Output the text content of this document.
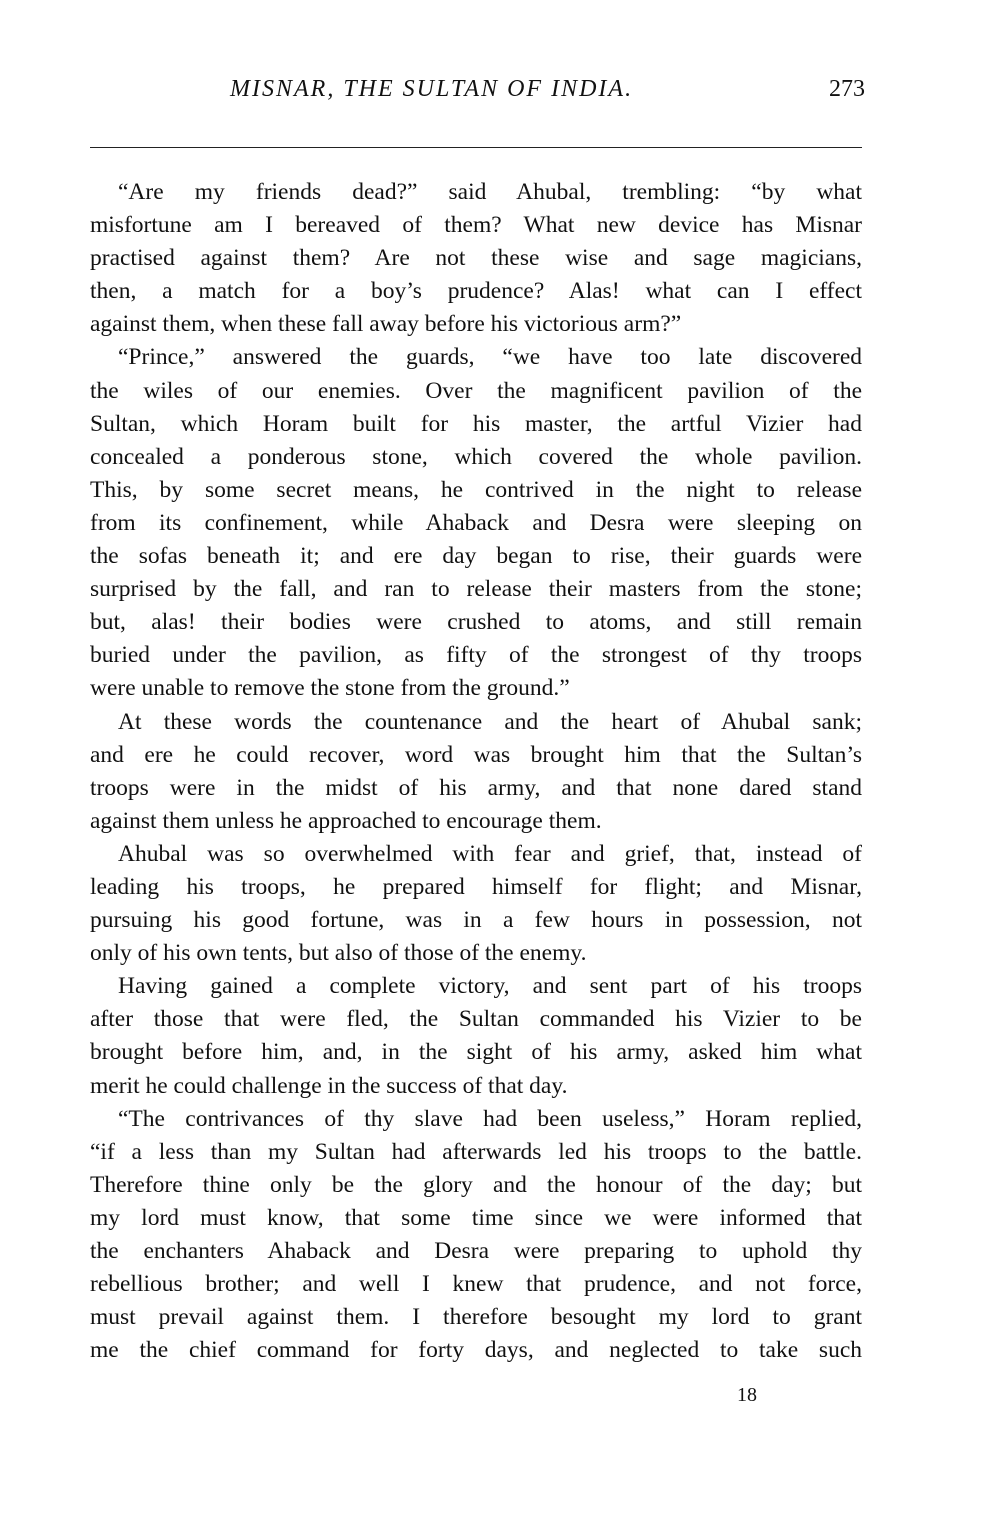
MISNAR, THE SULTAN OF INDIA.	273
“Are my friends dead?” said Ahubal, trembling: “by what
misfortune am I bereaved of them? What new device has Misnar
practised against them? Are not these wise and sage magicians,
then, a match for a boy’s prudence? Alas! what can I effect
against them, when these fall away before his victorious arm?”
“Prince,” answered the guards, “we have too late discovered
the wiles of our enemies. Over the magnificent pavilion of the
Sultan, which Horam built for his master, the artful Vizier had
concealed a ponderous stone, which covered the whole pavilion.
This, by some secret means, he contrived in the night to release
from its confinement, while Ahaback and Desra were sleeping on
the sofas beneath it; and ere day began to rise, their guards were
surprised by the fall, and ran to release their masters from the stone;
but, alas! their bodies were crushed to atoms, and still remain
buried under the pavilion, as fifty of the strongest of thy troops
were unable to remove the stone from the ground.”
At these words the countenance and the heart of Ahubal sank;
and ere he could recover, word was brought him that the Sultan’s
troops were in the midst of his army, and that none dared stand
against them unless he approached to encourage them.
Ahubal was so overwhelmed with fear and grief, that, instead of
leading his troops, he prepared himself for flight; and Misnar,
pursuing his good fortune, was in a few hours in possession, not
only of his own tents, but also of those of the enemy.
Having gained a complete victory, and sent part of his troops
after those that were fled, the Sultan commanded his Vizier to be
brought before him, and, in the sight of his army, asked him what
merit he could challenge in the success of that day.
“The contrivances of thy slave had been useless,” Horam replied,
“if a less than my Sultan had afterwards led his troops to the battle.
Therefore thine only be the glory and the honour of the day; but
my lord must know, that some time since we were informed that
the enchanters Ahaback and Desra were preparing to uphold thy
rebellious brother; and well I knew that prudence, and not force,
must prevail against them. I therefore besought my lord to grant
me the chief command for forty days, and neglected to take such
18
